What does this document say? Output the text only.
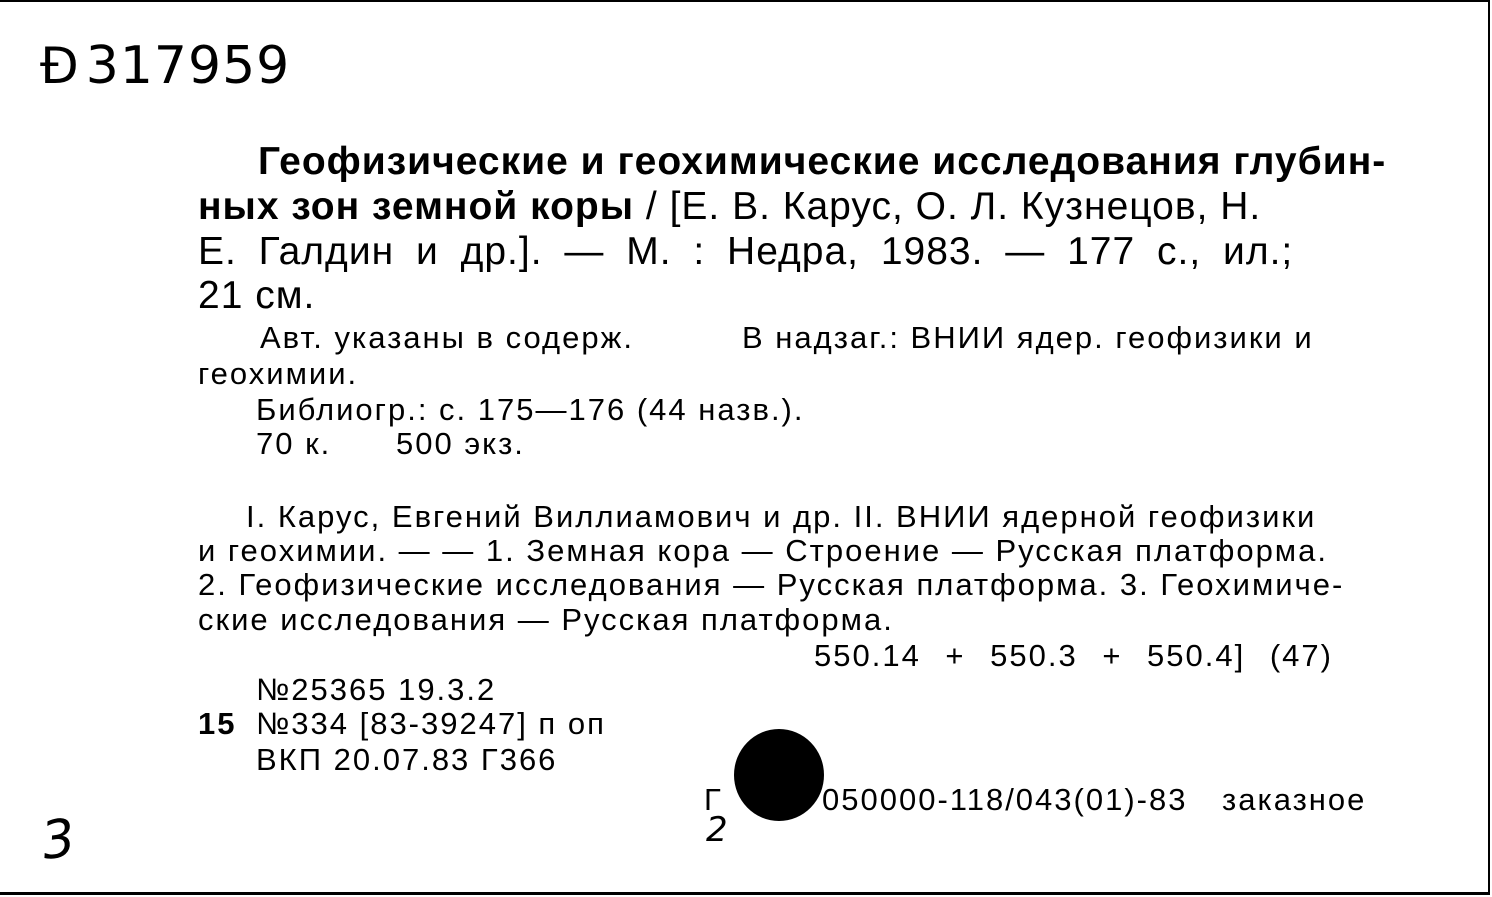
Ð 317959
Геофизические и геохимические исследования глубин-
ных зон земной коры / [Е. В. Карус, О. Л. Кузнецов, Н.
Е. Галдин и др.]. — М. : Недра, 1983. — 177 с., ил.;
21 см.
Авт. указаны в содерж.	В надзаг.: ВНИИ ядер. геофизики и
геохимии.
Библиогр.: с. 175—176 (44 назв.).
70 к. 500 экз.
I. Карус, Евгений Виллиамович и др. II. ВНИИ ядерной геофизики
и геохимии. — — 1. Земная кора — Строение — Русская платформа.
2. Геофизические исследования — Русская платформа. 3. Геохимиче-
ские исследования — Русская платформа.
550.14 + 550.3 + 550.4] (47)
№25365 19.3.2
15 №334 [83-39247] п оп
ВКП 20.07.83 Г366
Г	050000-118/043(01)-83 заказное
3	2
